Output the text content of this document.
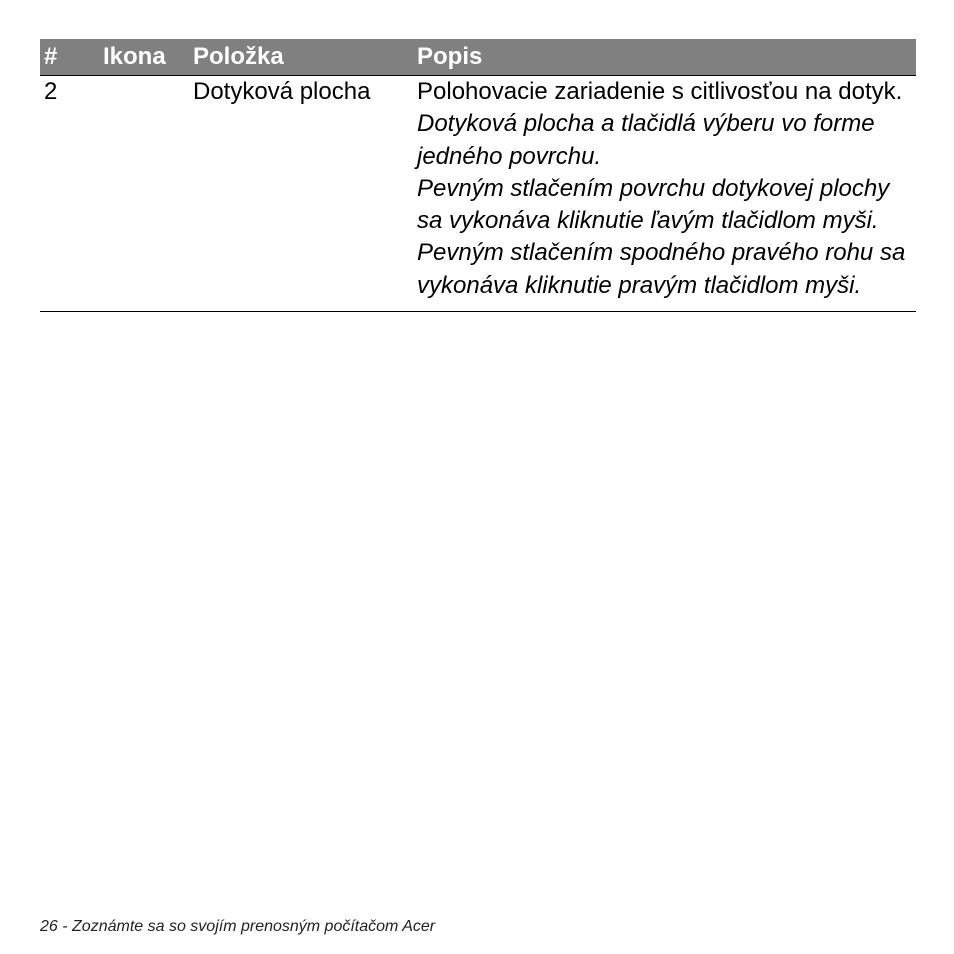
#	Ikona	Položka	Popis
2		Dotyková plocha	Polohovacie zariadenie s citlivosťou na dotyk.
Dotyková plocha a tlačidlá výberu vo forme jedného povrchu.
Pevným stlačením povrchu dotykovej plochy sa vykonáva kliknutie ľavým tlačidlom myši.
Pevným stlačením spodného pravého rohu sa vykonáva kliknutie pravým tlačidlom myši.
26 - Zoznámte sa so svojím prenosným počítačom Acer
